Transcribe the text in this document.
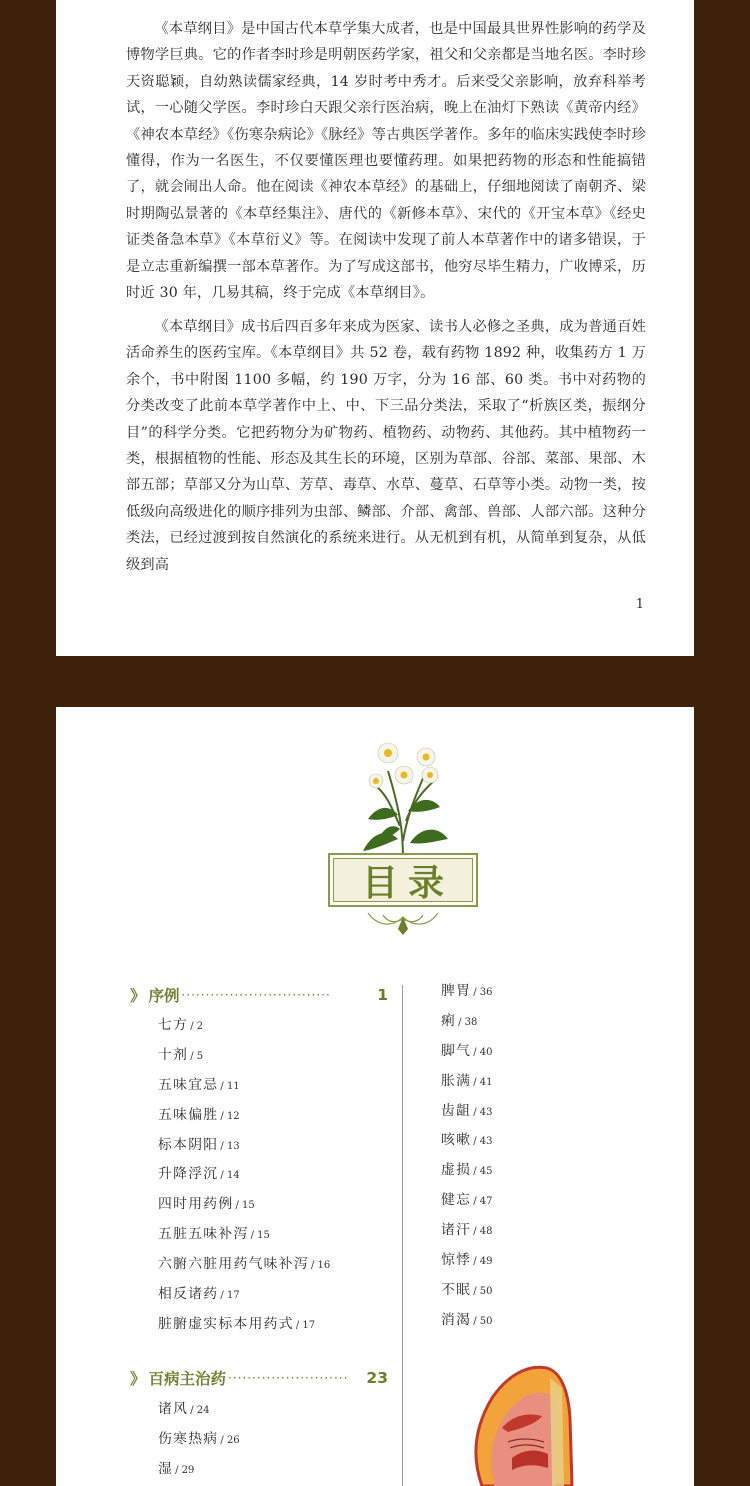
《本草纲目》是中国古代本草学集大成者，也是中国最具世界性影响的药学及博物学巨典。它的作者李时珍是明朝医药学家，祖父和父亲都是当地名医。李时珍天资聪颖，自幼熟读儒家经典，14 岁时考中秀才。后来受父亲影响，放弃科举考试，一心随父学医。李时珍白天跟父亲行医治病，晚上在油灯下熟读《黄帝内经》《神农本草经》《伤寒杂病论》《脉经》等古典医学著作。多年的临床实践使李时珍懂得，作为一名医生，不仅要懂医理也要懂药理。如果把药物的形态和性能搞错了，就会闹出人命。他在阅读《神农本草经》的基础上，仔细地阅读了南朝齐、梁时期陶弘景著的《本草经集注》、唐代的《新修本草》、宋代的《开宝本草》《经史证类备急本草》《本草衍义》等。在阅读中发现了前人本草著作中的诸多错误，于是立志重新编撰一部本草著作。为了写成这部书，他穷尽毕生精力，广收博采，历时近 30 年，几易其稿，终于完成《本草纲目》。

《本草纲目》成书后四百多年来成为医家、读书人必修之圣典，成为普通百姓活命养生的医药宝库。《本草纲目》共 52 卷，载有药物 1892 种，收集药方 1 万余个，书中附图 1100 多幅，约 190 万字，分为 16 部、60 类。书中对药物的分类改变了此前本草学著作中上、中、下三品分类法，采取了“析族区类，振纲分目”的科学分类。它把药物分为矿物药、植物药、动物药、其他药。其中植物药一类，根据植物的性能、形态及其生长的环境，区别为草部、谷部、菜部、果部、木部五部；草部又分为山草、芳草、毒草、水草、蔓草、石草等小类。动物一类，按低级向高级进化的顺序排列为虫部、鳞部、介部、禽部、兽部、人部六部。这种分类法，已经过渡到按自然演化的系统来进行。从无机到有机，从简单到复杂，从低级到高

1
目录
》 序例 ·······························	1
七方 / 2
十剂 / 5
五味宜忌 / 11
五味偏胜 / 12
标本阴阳 / 13
升降浮沉 / 14
四时用药例 / 15
五脏五味补泻 / 15
六腑六脏用药气味补泻 / 16
相反诸药 / 17
脏腑虚实标本用药式 / 17
》 百病主治药 ·························	23
诸风 / 24
伤寒热病 / 26
湿 / 29
脾胃 / 36
痢 / 38
脚气 / 40
胀满 / 41
齿龃 / 43
咳嗽 / 43
虚损 / 45
健忘 / 47
诸汗 / 48
惊悸 / 49
不眠 / 50
消渴 / 50
